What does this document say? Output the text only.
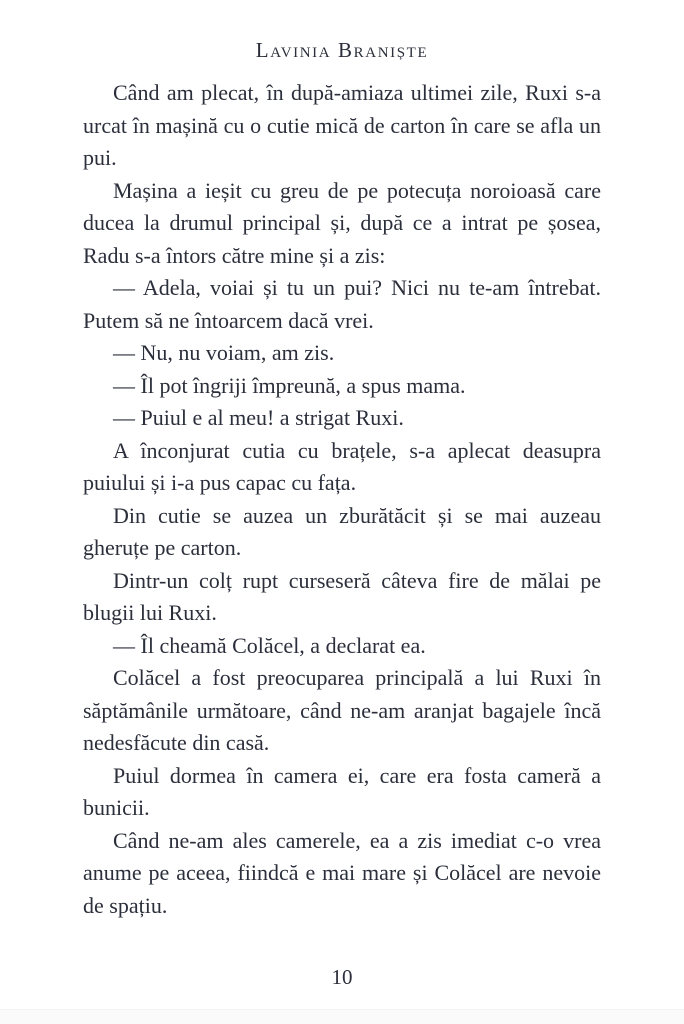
Lavinia Braniște

Când am plecat, în după-amiaza ultimei zile, Ruxi s-a urcat în mașină cu o cutie mică de carton în care se afla un pui.

Mașina a ieșit cu greu de pe potecuța noroioasă care ducea la drumul principal și, după ce a intrat pe șosea, Radu s-a întors către mine și a zis:

— Adela, voiai și tu un pui? Nici nu te-am întrebat. Putem să ne întoarcem dacă vrei.

— Nu, nu voiam, am zis.

— Îl pot îngriji împreună, a spus mama.

— Puiul e al meu! a strigat Ruxi.

A înconjurat cutia cu brațele, s-a aplecat deasupra puiului și i-a pus capac cu fața.

Din cutie se auzea un zburătăcit și se mai auzeau gheruțe pe carton.

Dintr-un colț rupt curseseră câteva fire de mălai pe blugii lui Ruxi.

— Îl cheamă Colăcel, a declarat ea.

Colăcel a fost preocuparea principală a lui Ruxi în săptămânile următoare, când ne-am aranjat bagajele încă nedesfăcute din casă.

Puiul dormea în camera ei, care era fosta cameră a bunicii.

Când ne-am ales camerele, ea a zis imediat c-o vrea anume pe aceea, fiindcă e mai mare și Colăcel are nevoie de spațiu.

10
